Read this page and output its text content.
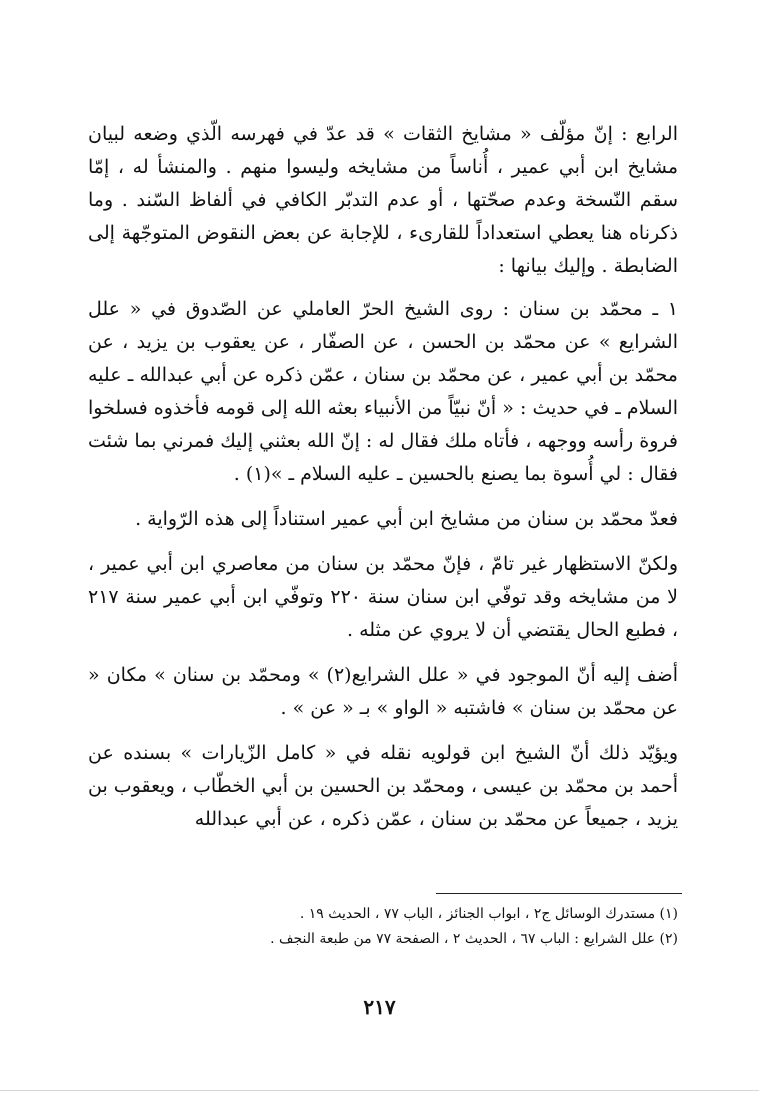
الرابع : إنّ مؤلّف « مشايخ الثقات » قد عدّ في فهرسه الّذي وضعه لبيان مشايخ ابن أبي عمير ، أُناساً من مشايخه وليسوا منهم . والمنشأ له ، إمّا سقم النّسخة وعدم صحّتها ، أو عدم التدبّر الكافي في ألفاظ السّند . وما ذكرناه هنا يعطي استعداداً للقارىء ، للإجابة عن بعض النقوض المتوجّهة إلى الضابطة . وإليك بيانها :

١ ـ محمّد بن سنان : روى الشيخ الحرّ العاملي عن الصّدوق في « علل الشرايع » عن محمّد بن الحسن ، عن الصفّار ، عن يعقوب بن يزيد ، عن محمّد بن أبي عمير ، عن محمّد بن سنان ، عمّن ذكره عن أبي عبدالله ـ عليه السلام ـ في حديث : « أنّ نبيّاً من الأنبياء بعثه الله إلى قومه فأخذوه فسلخوا فروة رأسه ووجهه ، فأتاه ملك فقال له : إنّ الله بعثني إليك فمرني بما شئت فقال : لي أُسوة بما يصنع بالحسين ـ عليه السلام ـ »(١) .

فعدّ محمّد بن سنان من مشايخ ابن أبي عمير استناداً إلى هذه الرّواية .

ولكنّ الاستظهار غير تامّ ، فإنّ محمّد بن سنان من معاصري ابن أبي عمير ، لا من مشايخه وقد توفّي ابن سنان سنة ٢٢٠ وتوفّي ابن أبي عمير سنة ٢١٧ ، فطبع الحال يقتضي أن لا يروي عن مثله .

أضف إليه أنّ الموجود في « علل الشرايع(٢) » ومحمّد بن سنان » مكان « عن محمّد بن سنان » فاشتبه « الواو » بـ « عن » .

ويؤيّد ذلك أنّ الشيخ ابن قولويه نقله في « كامل الزّيارات » بسنده عن أحمد بن محمّد بن عيسى ، ومحمّد بن الحسين بن أبي الخطّاب ، ويعقوب بن يزيد ، جميعاً عن محمّد بن سنان ، عمّن ذكره ، عن أبي عبدالله

(١) مستدرك الوسائل ج٢ ، ابواب الجنائز ، الباب ٧٧ ، الحديث ١٩ .

(٢) علل الشرايع : الباب ٦٧ ، الحديث ٢ ، الصفحة ٧٧ من طبعة النجف .

٢١٧
